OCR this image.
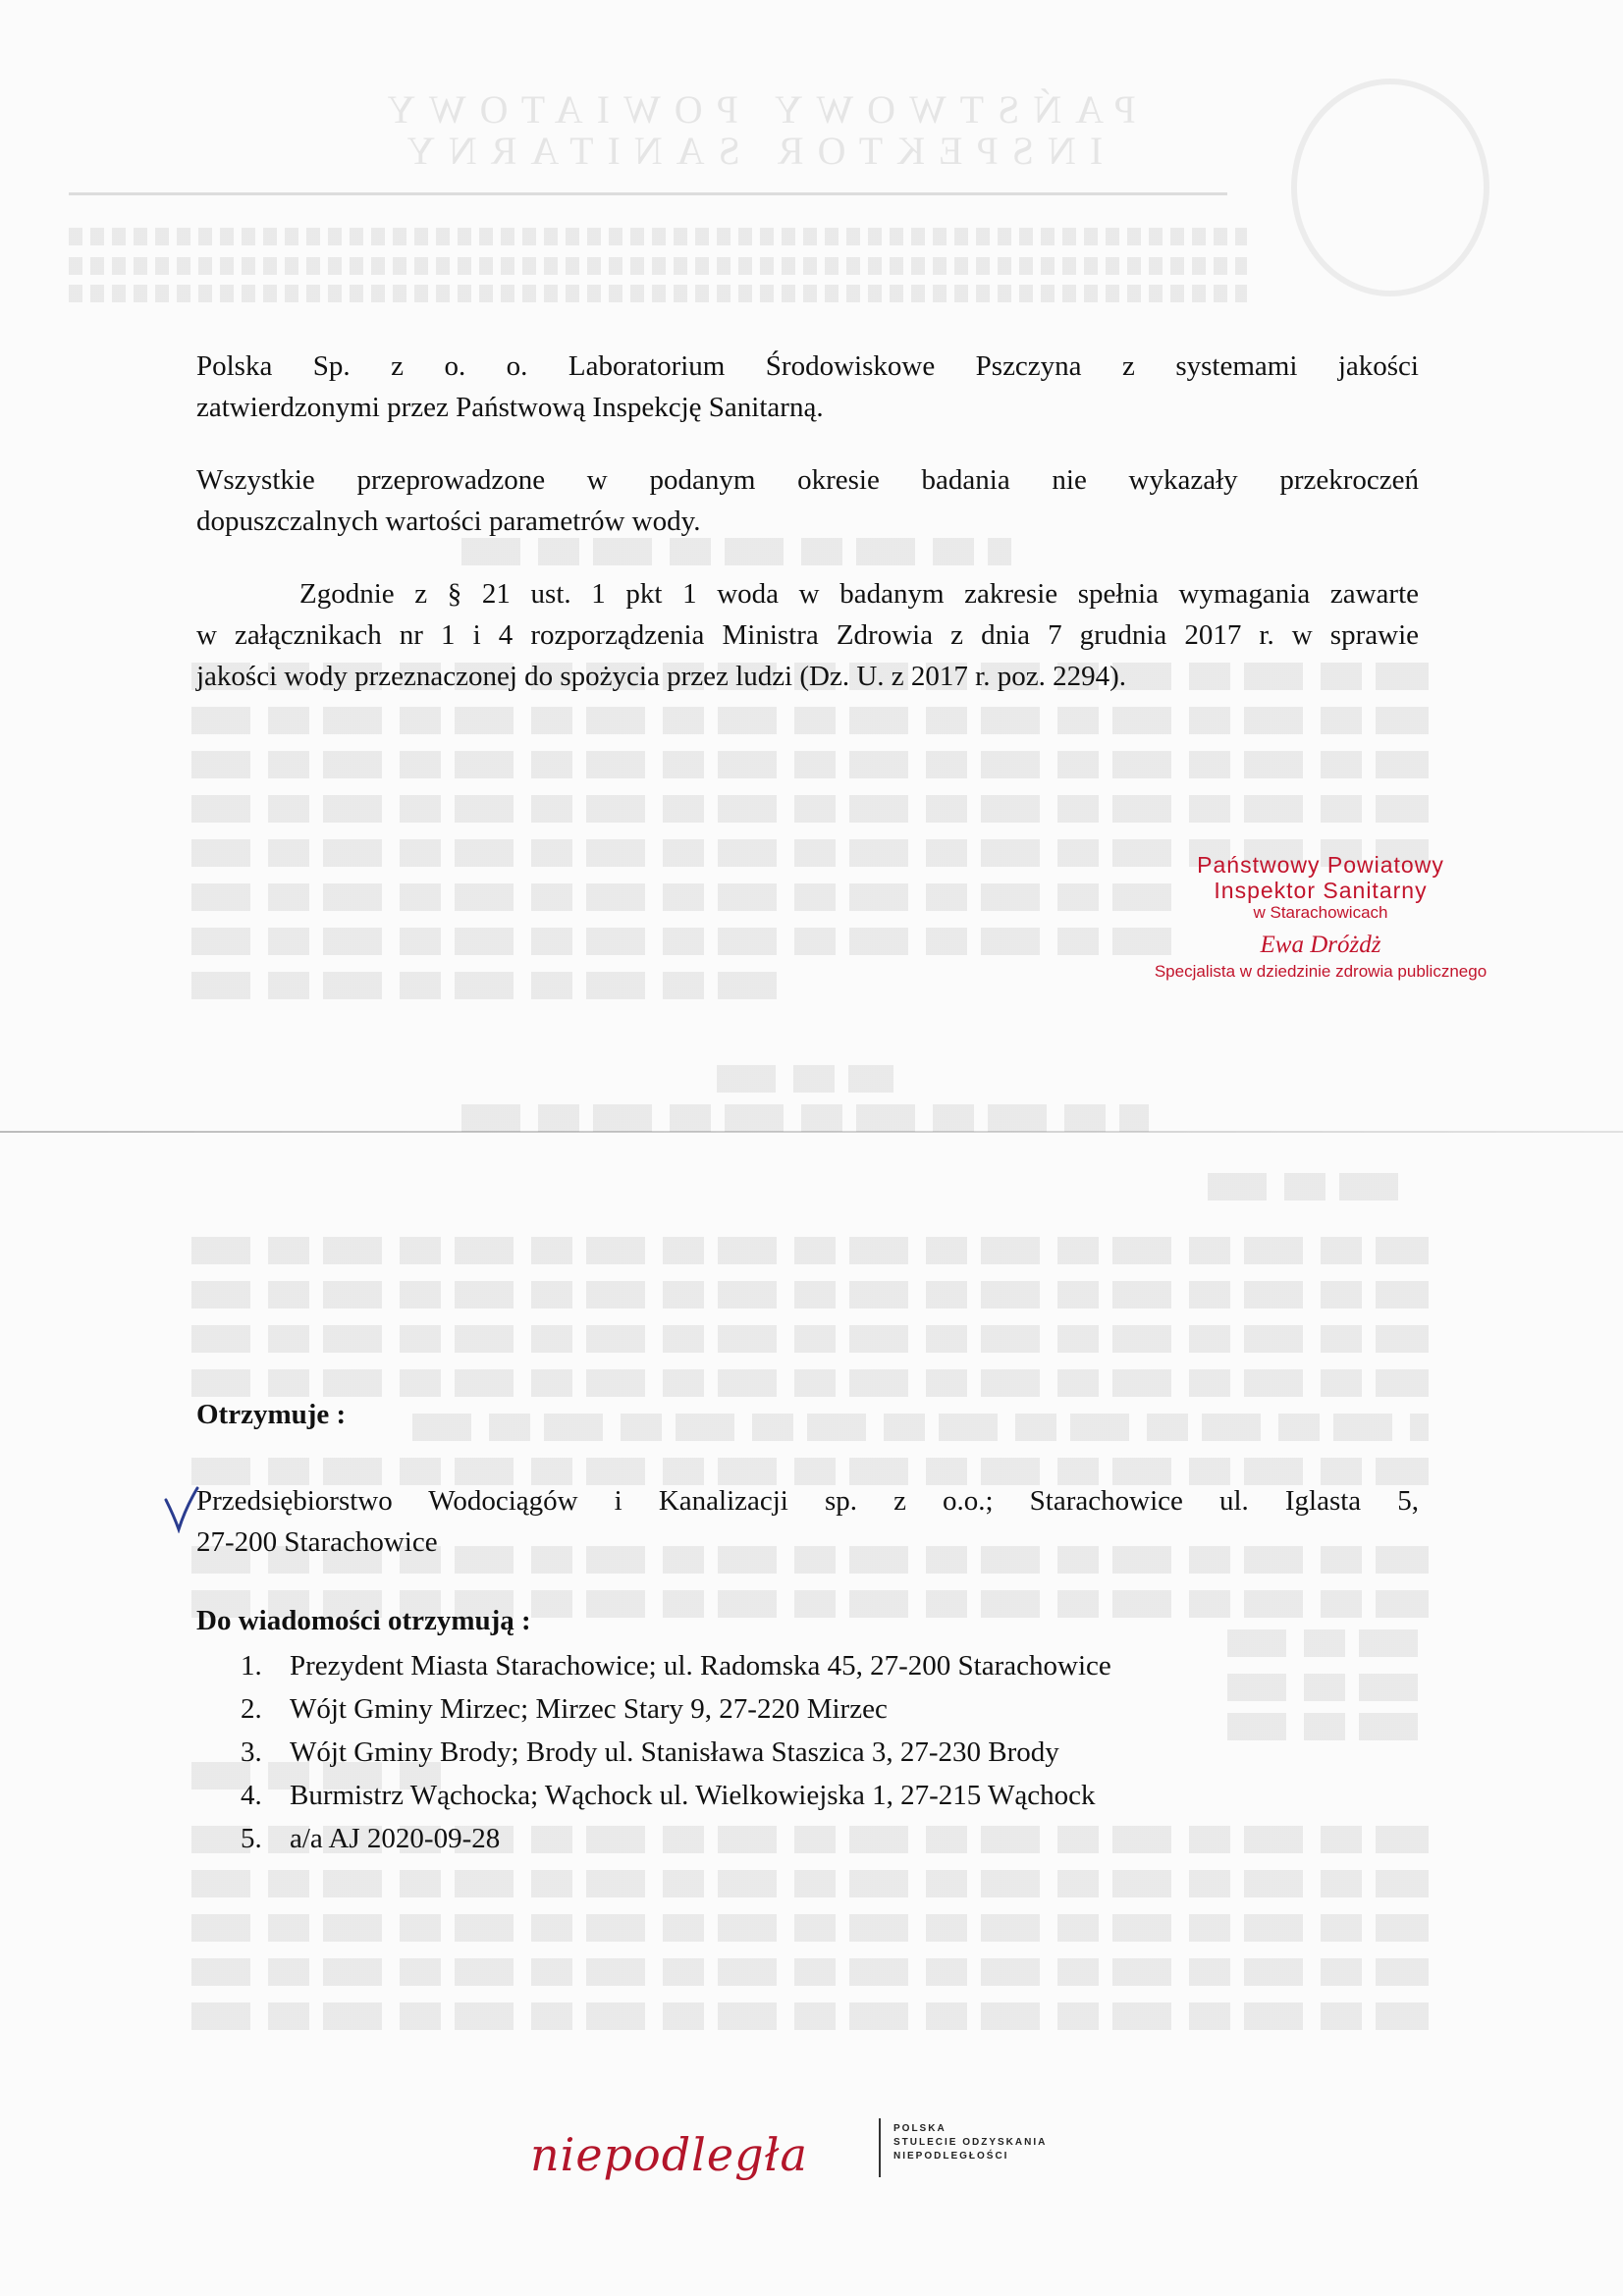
PAŃSTWOWY POWIATOWY
INSPEKTOR SANITARNY
Polska Sp. z o. o. Laboratorium Środowiskowe Pszczyna z systemami jakości
zatwierdzonymi przez Państwową Inspekcję Sanitarną.
Wszystkie przeprowadzone w podanym okresie badania nie wykazały przekroczeń
dopuszczalnych wartości parametrów wody.
Zgodnie z § 21 ust. 1 pkt 1 woda w badanym zakresie spełnia wymagania zawarte
w załącznikach nr 1 i 4 rozporządzenia Ministra Zdrowia z dnia 7 grudnia 2017 r. w sprawie
jakości wody przeznaczonej do spożycia przez ludzi (Dz. U. z 2017 r. poz. 2294).
Państwowy Powiatowy
Inspektor Sanitarny
w Starachowicach
Ewa Dróżdż
Specjalista w dziedzinie zdrowia publicznego
Otrzymuje :
Przedsiębiorstwo Wodociągów i Kanalizacji sp. z o.o.; Starachowice ul. Iglasta 5,
27-200 Starachowice
Do wiadomości otrzymują :
1. Prezydent Miasta Starachowice; ul. Radomska 45, 27-200 Starachowice
2. Wójt Gminy Mirzec; Mirzec Stary 9, 27-220 Mirzec
3. Wójt Gminy Brody; Brody ul. Stanisława Staszica 3, 27-230 Brody
4. Burmistrz Wąchocka; Wąchock ul. Wielkowiejska 1, 27-215 Wąchock
5. a/a AJ 2020-09-28
niepodległa	POLSKA
STULECIE ODZYSKANIA
NIEPODLEGŁOŚCI
